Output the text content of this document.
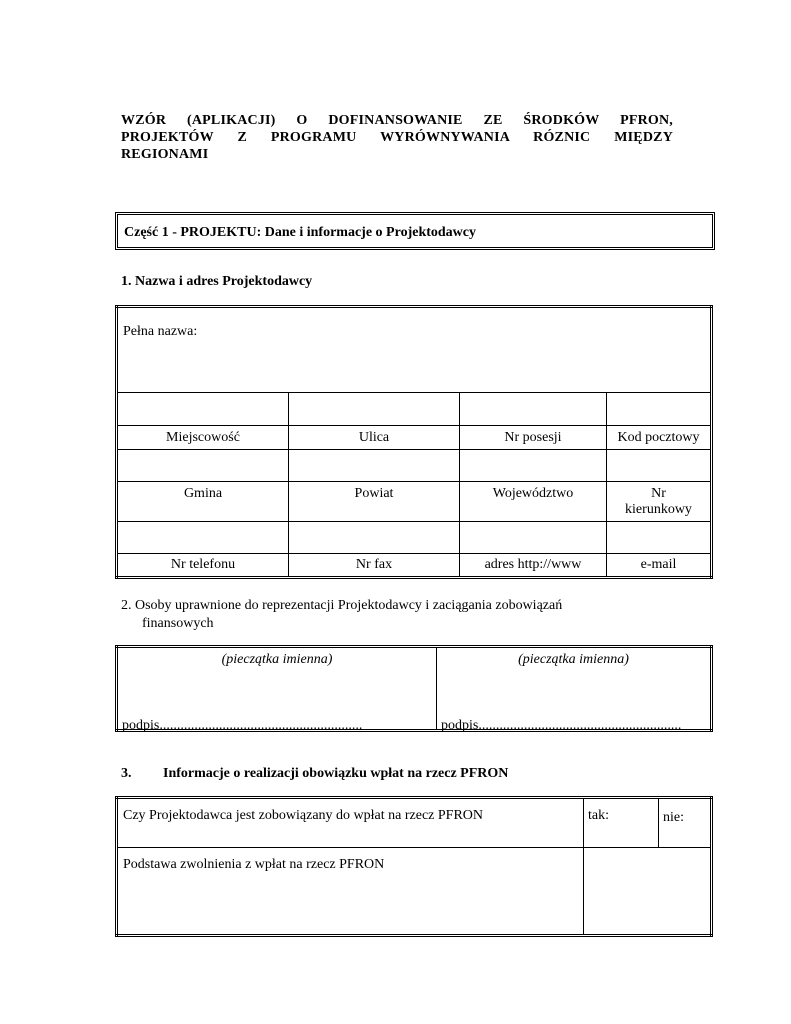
WZÓR (APLIKACJI) O DOFINANSOWANIE ZE ŚRODKÓW PFRON,
PROJEKTÓW Z PROGRAMU WYRÓWNYWANIA RÓZNIC MIĘDZY
REGIONAMI
Część 1 - PROJEKTU: Dane i informacje o Projektodawcy
1. Nazwa i adres Projektodawcy
Pełna nazwa:			

Miejscowość	Ulica	Nr posesji	Kod pocztowy

Gmina	Powiat	Województwo	Nr kierunkowy

Nr telefonu	Nr fax	adres http://www	e-mail
2. Osoby uprawnione do reprezentacji Projektodawcy i zaciągania zobowiązań
finansowych
(pieczątka imienna)
podpis..........................................................

(pieczątka imienna)
podpis..........................................................
3. Informacje o realizacji obowiązku wpłat na rzecz PFRON
Czy Projektodawca jest zobowiązany do wpłat na rzecz PFRON	tak:	nie:
Podstawa zwolnienia z wpłat na rzecz PFRON		
